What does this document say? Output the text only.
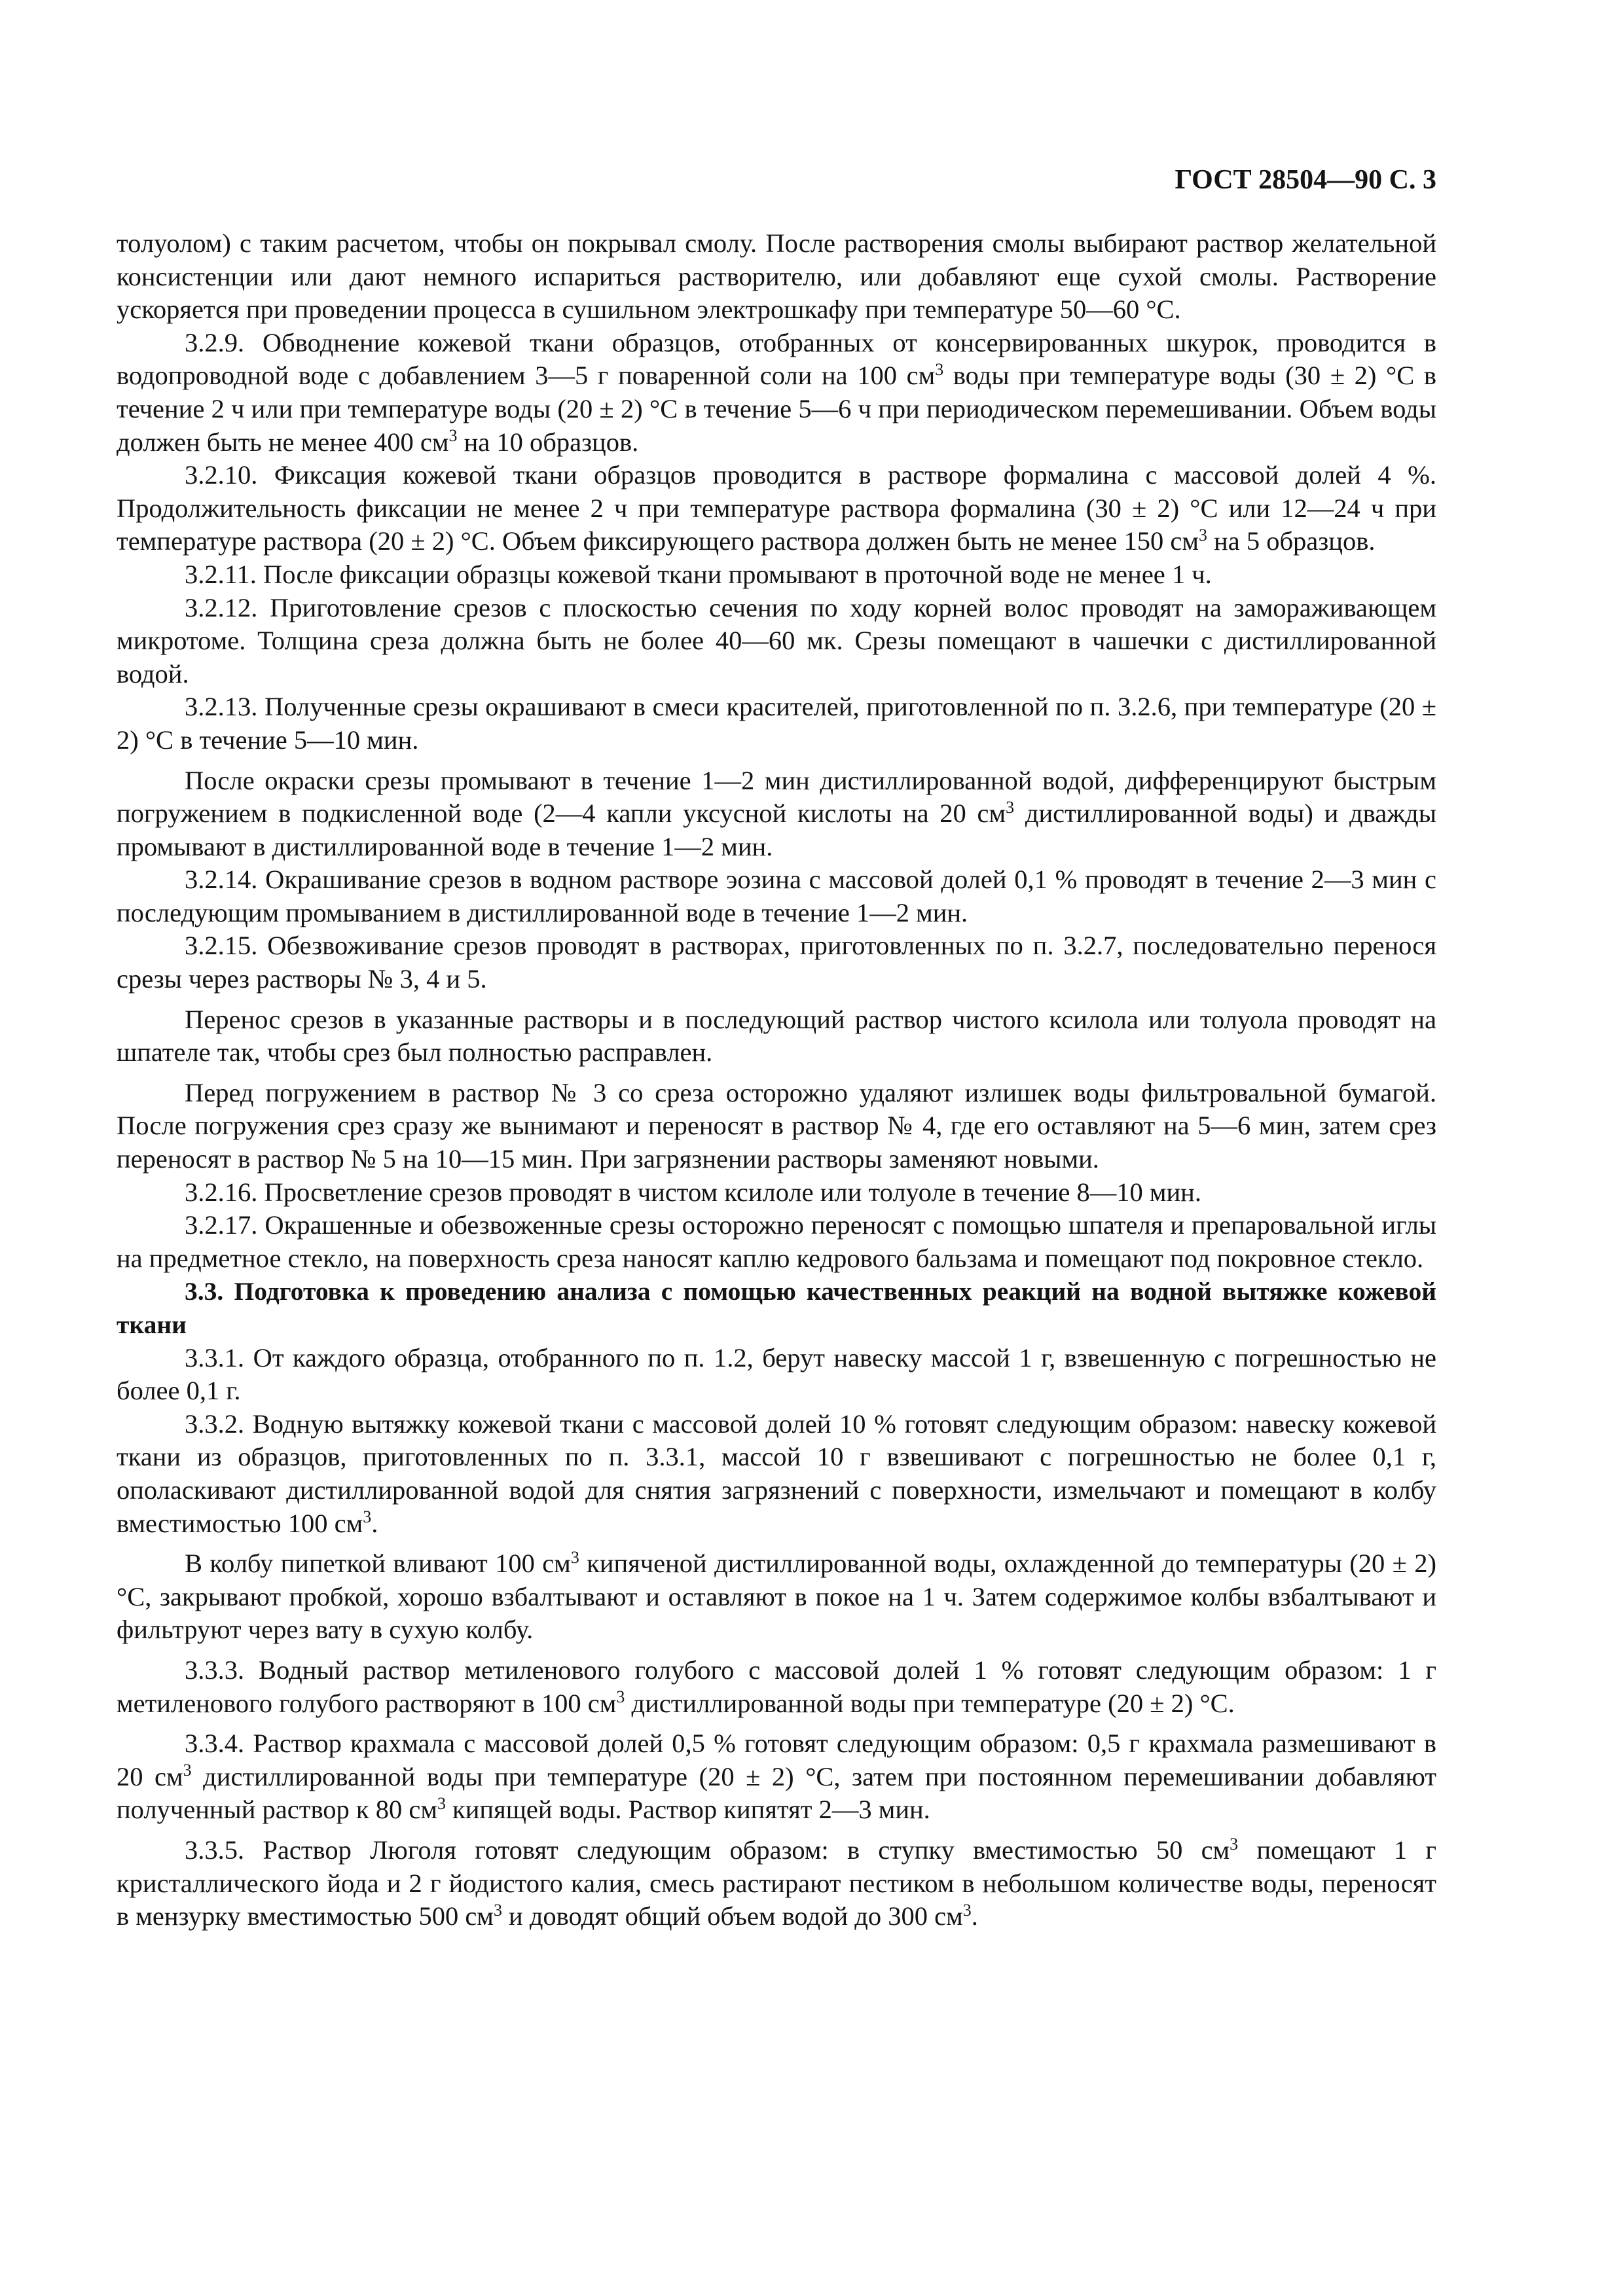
ГОСТ 28504—90 С. 3

толуолом) с таким расчетом, чтобы он покрывал смолу. После растворения смолы выбирают раствор желательной консистенции или дают немного испариться растворителю, или добавляют еще сухой смолы. Растворение ускоряется при проведении процесса в сушильном электрошкафу при температуре 50—60 °С.

3.2.9. Обводнение кожевой ткани образцов, отобранных от консервированных шкурок, проводится в водопроводной воде с добавлением 3—5 г поваренной соли на 100 $см^3$ воды при температуре воды (30 ± 2) °С в течение 2 ч или при температуре воды (20 ± 2) °С в течение 5—6 ч при периодическом перемешивании. Объем воды должен быть не менее 400 $см^3$ на 10 образцов.

3.2.10. Фиксация кожевой ткани образцов проводится в растворе формалина с массовой долей 4 %. Продолжительность фиксации не менее 2 ч при температуре раствора формалина (30 ± 2) °С или 12—24 ч при температуре раствора (20 ± 2) °С. Объем фиксирующего раствора должен быть не менее 150 $см^3$ на 5 образцов.

3.2.11. После фиксации образцы кожевой ткани промывают в проточной воде не менее 1 ч.

3.2.12. Приготовление срезов с плоскостью сечения по ходу корней волос проводят на замораживающем микротоме. Толщина среза должна быть не более 40—60 мк. Срезы помещают в чашечки с дистиллированной водой.

3.2.13. Полученные срезы окрашивают в смеси красителей, приготовленной по п. 3.2.6, при температуре (20 ± 2) °С в течение 5—10 мин.

После окраски срезы промывают в течение 1—2 мин дистиллированной водой, дифференцируют быстрым погружением в подкисленной воде (2—4 капли уксусной кислоты на 20 $см^3$ дистиллированной воды) и дважды промывают в дистиллированной воде в течение 1—2 мин.

3.2.14. Окрашивание срезов в водном растворе эозина с массовой долей 0,1 % проводят в течение 2—3 мин с последующим промыванием в дистиллированной воде в течение 1—2 мин.

3.2.15. Обезвоживание срезов проводят в растворах, приготовленных по п. 3.2.7, последовательно перенося срезы через растворы № 3, 4 и 5.

Перенос срезов в указанные растворы и в последующий раствор чистого ксилола или толуола проводят на шпателе так, чтобы срез был полностью расправлен.

Перед погружением в раствор № 3 со среза осторожно удаляют излишек воды фильтровальной бумагой. После погружения срез сразу же вынимают и переносят в раствор № 4, где его оставляют на 5—6 мин, затем срез переносят в раствор № 5 на 10—15 мин. При загрязнении растворы заменяют новыми.

3.2.16. Просветление срезов проводят в чистом ксилоле или толуоле в течение 8—10 мин.

3.2.17. Окрашенные и обезвоженные срезы осторожно переносят с помощью шпателя и препаровальной иглы на предметное стекло, на поверхность среза наносят каплю кедрового бальзама и помещают под покровное стекло.

3.3. Подготовка к проведению анализа с помощью качественных реакций на водной вытяжке кожевой ткани

3.3.1. От каждого образца, отобранного по п. 1.2, берут навеску массой 1 г, взвешенную с погрешностью не более 0,1 г.

3.3.2. Водную вытяжку кожевой ткани с массовой долей 10 % готовят следующим образом: навеску кожевой ткани из образцов, приготовленных по п. 3.3.1, массой 10 г взвешивают с погрешностью не более 0,1 г, ополаскивают дистиллированной водой для снятия загрязнений с поверхности, измельчают и помещают в колбу вместимостью 100 $см^3$.

В колбу пипеткой вливают 100 $см^3$ кипяченой дистиллированной воды, охлажденной до температуры (20 ± 2) °С, закрывают пробкой, хорошо взбалтывают и оставляют в покое на 1 ч. Затем содержимое колбы взбалтывают и фильтруют через вату в сухую колбу.

3.3.3. Водный раствор метиленового голубого с массовой долей 1 % готовят следующим образом: 1 г метиленового голубого растворяют в 100 $см^3$ дистиллированной воды при температуре (20 ± 2) °С.

3.3.4. Раствор крахмала с массовой долей 0,5 % готовят следующим образом: 0,5 г крахмала размешивают в 20 $см^3$ дистиллированной воды при температуре (20 ± 2) °С, затем при постоянном перемешивании добавляют полученный раствор к 80 $см^3$ кипящей воды. Раствор кипятят 2—3 мин.

3.3.5. Раствор Люголя готовят следующим образом: в ступку вместимостью 50 $см^3$ помещают 1 г кристаллического йода и 2 г йодистого калия, смесь растирают пестиком в небольшом количестве воды, переносят в мензурку вместимостью 500 $см^3$ и доводят общий объем водой до 300 $см^3$.
